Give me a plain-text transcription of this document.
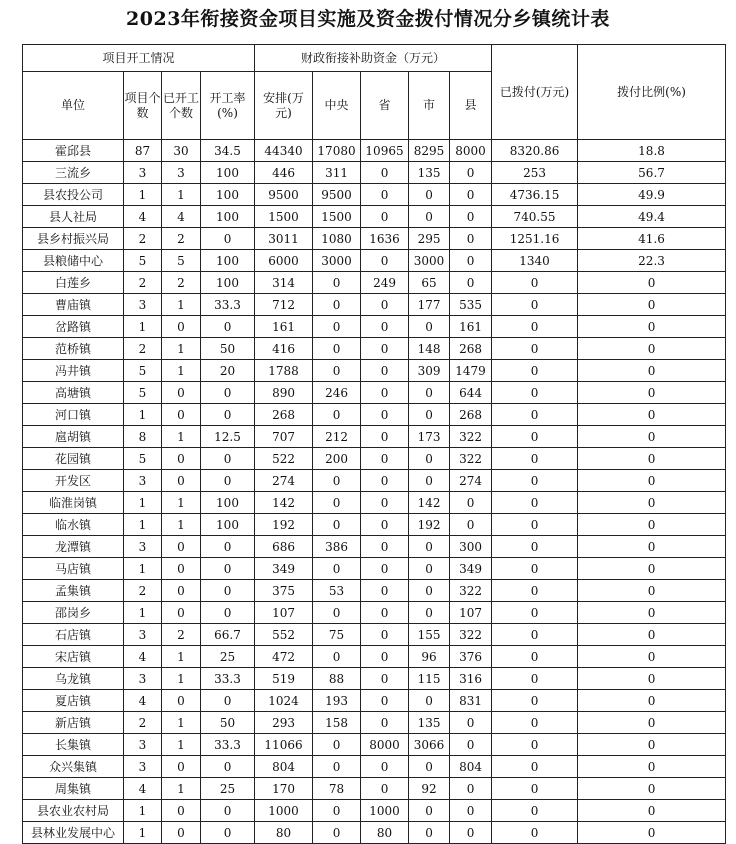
2023年衔接资金项目实施及资金拨付情况分乡镇统计表
项目开工情况				财政衔接补助资金（万元）					已拨付(万元)	拨付比例(%)
单位	项目个数	已开工个数	开工率(%)	安排(万元)	中央	省	市	县		
霍邱县	87	30	34.5	44340	17080	10965	8295	8000	8320.86	18.8
三流乡	3	3	100	446	311	0	135	0	253	56.7
县农投公司	1	1	100	9500	9500	0	0	0	4736.15	49.9
县人社局	4	4	100	1500	1500	0	0	0	740.55	49.4
县乡村振兴局	2	2	0	3011	1080	1636	295	0	1251.16	41.6
县粮储中心	5	5	100	6000	3000	0	3000	0	1340	22.3
白莲乡	2	2	100	314	0	249	65	0	0	0
曹庙镇	3	1	33.3	712	0	0	177	535	0	0
岔路镇	1	0	0	161	0	0	0	161	0	0
范桥镇	2	1	50	416	0	0	148	268	0	0
冯井镇	5	1	20	1788	0	0	309	1479	0	0
高塘镇	5	0	0	890	246	0	0	644	0	0
河口镇	1	0	0	268	0	0	0	268	0	0
扈胡镇	8	1	12.5	707	212	0	173	322	0	0
花园镇	5	0	0	522	200	0	0	322	0	0
开发区	3	0	0	274	0	0	0	274	0	0
临淮岗镇	1	1	100	142	0	0	142	0	0	0
临水镇	1	1	100	192	0	0	192	0	0	0
龙潭镇	3	0	0	686	386	0	0	300	0	0
马店镇	1	0	0	349	0	0	0	349	0	0
孟集镇	2	0	0	375	53	0	0	322	0	0
邵岗乡	1	0	0	107	0	0	0	107	0	0
石店镇	3	2	66.7	552	75	0	155	322	0	0
宋店镇	4	1	25	472	0	0	96	376	0	0
乌龙镇	3	1	33.3	519	88	0	115	316	0	0
夏店镇	4	0	0	1024	193	0	0	831	0	0
新店镇	2	1	50	293	158	0	135	0	0	0
长集镇	3	1	33.3	11066	0	8000	3066	0	0	0
众兴集镇	3	0	0	804	0	0	0	804	0	0
周集镇	4	1	25	170	78	0	92	0	0	0
县农业农村局	1	0	0	1000	0	1000	0	0	0	0
县林业发展中心	1	0	0	80	0	80	0	0	0	0
